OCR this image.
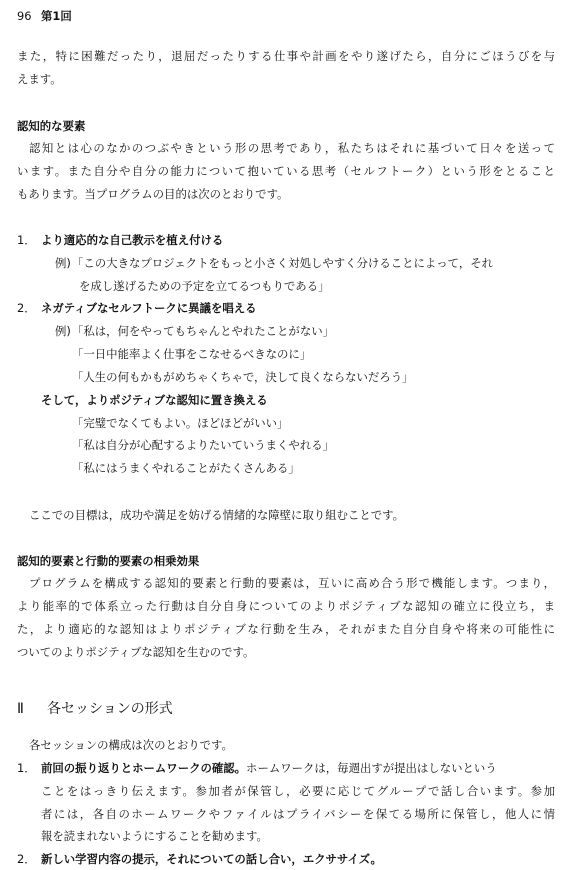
96 第1回
また，特に困難だったり，退屈だったりする仕事や計画をやり遂げたら，自分にごほうびを与
えます。
認知的な要素
認知とは心のなかのつぶやきという形の思考であり，私たちはそれに基づいて日々を送って
います。また自分や自分の能力について抱いている思考（セルフトーク）という形をとること
もあります。当プログラムの目的は次のとおりです。
1． より適応的な自己教示を植え付ける
例) 「この大きなプロジェクトをもっと小さく対処しやすく分けることによって，それ
を成し遂げるための予定を立てるつもりである」
2． ネガティブなセルフトークに異議を唱える
例) 「私は，何をやってもちゃんとやれたことがない」
「一日中能率よく仕事をこなせるべきなのに」
「人生の何もかもがめちゃくちゃで，決して良くならないだろう」
そして，よりポジティブな認知に置き換える
「完璧でなくてもよい。ほどほどがいい」
「私は自分が心配するよりたいていうまくやれる」
「私にはうまくやれることがたくさんある」
ここでの目標は，成功や満足を妨げる情緒的な障壁に取り組むことです。
認知的要素と行動的要素の相乗効果
プログラムを構成する認知的要素と行動的要素は，互いに高め合う形で機能します。つまり，
より能率的で体系立った行動は自分自身についてのよりポジティブな認知の確立に役立ち，ま
た，より適応的な認知はよりポジティブな行動を生み，それがまた自分自身や将来の可能性に
ついてのよりポジティブな認知を生むのです。
Ⅱ 各セッションの形式
各セッションの構成は次のとおりです。
1． 前回の振り返りとホームワークの確認。ホームワークは，毎週出すが提出はしないという
ことをはっきり伝えます。参加者が保管し，必要に応じてグループで話し合います。参加
者には，各自のホームワークやファイルはプライバシーを保てる場所に保管し，他人に情
報を読まれないようにすることを勧めます。
2． 新しい学習内容の提示，それについての話し合い，エクササイズ。
